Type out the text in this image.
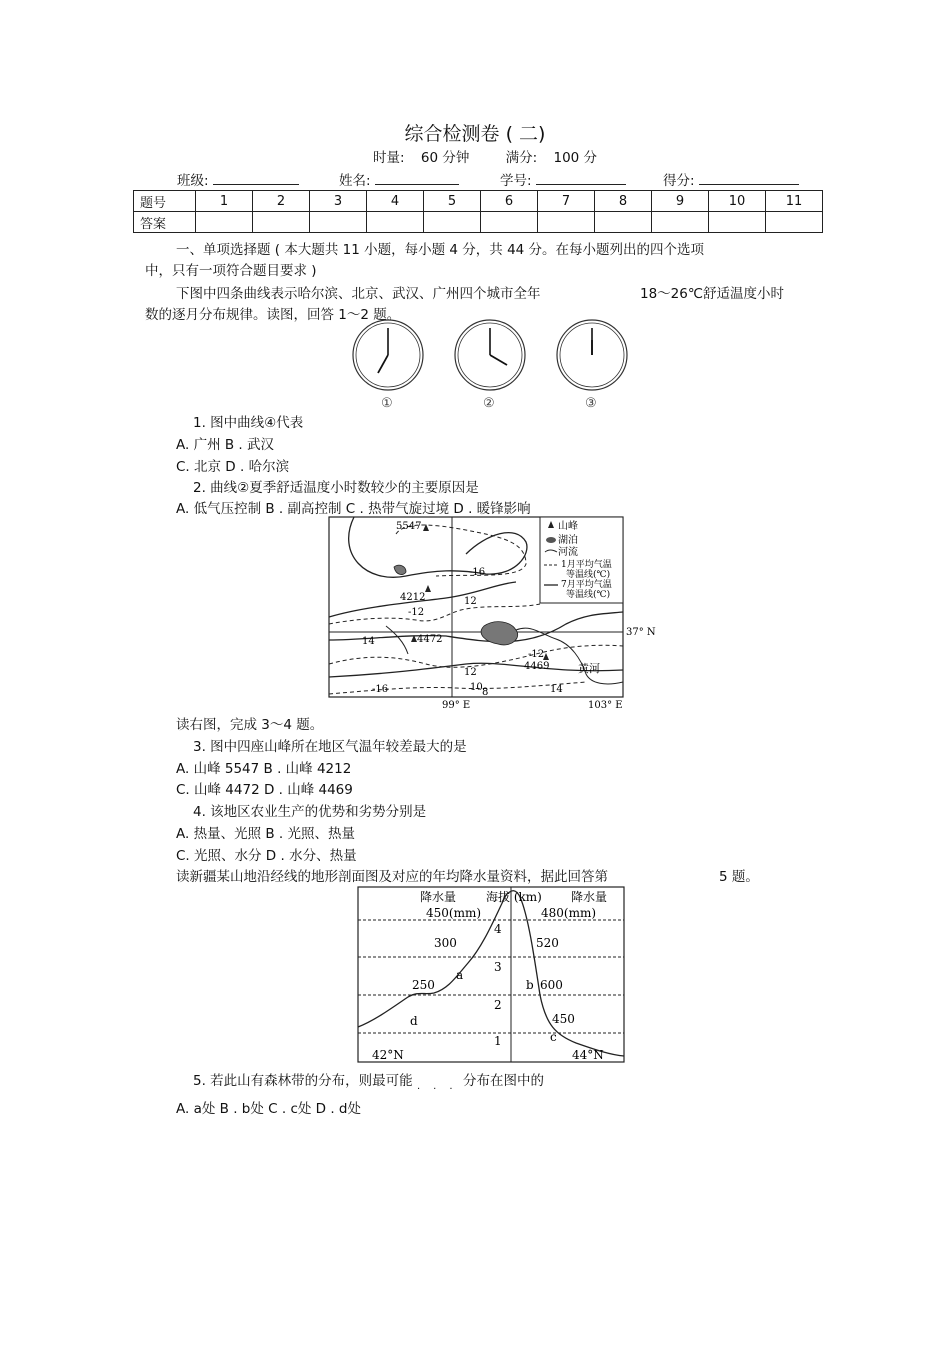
综合检测卷 ( 二)
时量: 60 分钟	满分: 100 分
班级:	姓名:	学号:	得分:
题号	1	2	3	4	5	6	7	8	9	10	11
答案											
一、单项选择题 ( 本大题共 11 小题，每小题 4 分，共 44 分。在每小题列出的四个选项
中，只有一项符合题目要求 )
下图中四条曲线表示哈尔滨、北京、武汉、广州四个城市全年	18～26℃舒适温度小时
数的逐月分布规律。读图，回答 1～2 题。
①	②	③
1. 图中曲线④代表
A. 广州 B . 武汉
C. 北京 D . 哈尔滨
2. 曲线②夏季舒适温度小时数较少的主要原因是
A. 低气压控制 B . 副高控制 C . 热带气旋过境 D . 暖锋影响
山峰
湖泊
河流
1月平均气温
等温线(℃)
7月平均气温
等温线(℃)
5547
4212
4472
4469
-16
-12
12
14
-12
12
-16	10 8	14
黄河
37° N
99° E	103° E
读右图，完成 3～4 题。
3. 图中四座山峰所在地区气温年较差最大的是
A. 山峰 5547 B . 山峰 4212
C. 山峰 4472 D . 山峰 4469
4. 该地区农业生产的优势和劣势分别是
A. 热量、光照 B . 光照、热量
C. 光照、水分 D . 水分、热量
读新疆某山地沿经线的地形剖面图及对应的年均降水量资料，据此回答第	5 题。
降水量 海拔 (km) 降水量
450(mm)	480(mm)
300
250
520
600
450
4
3
2
1
a
b
c
d
42°N	44°N
5. 若此山有森林带的分布，则最可能	分布在图中的
· · ·
A. a处 B . b处 C . c处 D . d处
